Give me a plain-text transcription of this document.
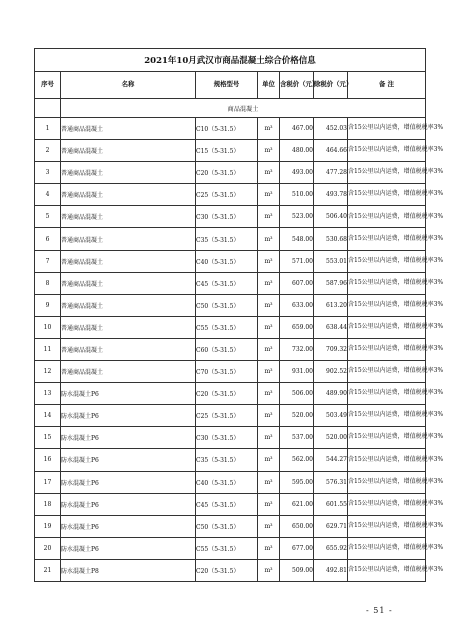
2021年10月武汉市商品混凝土综合价格信息						
序号	名称	规格型号	单位	含税价（元）	除税价（元）	备 注
	商品混凝土					
1	普通商品混凝土	C10（5-31.5）	m³	467.00	452.03	含15公里以内运费，增值税税率3%
2	普通商品混凝土	C15（5-31.5）	m³	480.00	464.66	含15公里以内运费，增值税税率3%
3	普通商品混凝土	C20（5-31.5）	m³	493.00	477.28	含15公里以内运费，增值税税率3%
4	普通商品混凝土	C25（5-31.5）	m³	510.00	493.78	含15公里以内运费，增值税税率3%
5	普通商品混凝土	C30（5-31.5）	m³	523.00	506.40	含15公里以内运费，增值税税率3%
6	普通商品混凝土	C35（5-31.5）	m³	548.00	530.68	含15公里以内运费，增值税税率3%
7	普通商品混凝土	C40（5-31.5）	m³	571.00	553.01	含15公里以内运费，增值税税率3%
8	普通商品混凝土	C45（5-31.5）	m³	607.00	587.96	含15公里以内运费，增值税税率3%
9	普通商品混凝土	C50（5-31.5）	m³	633.00	613.20	含15公里以内运费，增值税税率3%
10	普通商品混凝土	C55（5-31.5）	m³	659.00	638.44	含15公里以内运费，增值税税率3%
11	普通商品混凝土	C60（5-31.5）	m³	732.00	709.32	含15公里以内运费，增值税税率3%
12	普通商品混凝土	C70（5-31.5）	m³	931.00	902.52	含15公里以内运费，增值税税率3%
13	防水混凝土P6	C20（5-31.5）	m³	506.00	489.90	含15公里以内运费，增值税税率3%
14	防水混凝土P6	C25（5-31.5）	m³	520.00	503.49	含15公里以内运费，增值税税率3%
15	防水混凝土P6	C30（5-31.5）	m³	537.00	520.00	含15公里以内运费，增值税税率3%
16	防水混凝土P6	C35（5-31.5）	m³	562.00	544.27	含15公里以内运费，增值税税率3%
17	防水混凝土P6	C40（5-31.5）	m³	595.00	576.31	含15公里以内运费，增值税税率3%
18	防水混凝土P6	C45（5-31.5）	m³	621.00	601.55	含15公里以内运费，增值税税率3%
19	防水混凝土P6	C50（5-31.5）	m³	650.00	629.71	含15公里以内运费，增值税税率3%
20	防水混凝土P6	C55（5-31.5）	m³	677.00	655.92	含15公里以内运费，增值税税率3%
21	防水混凝土P8	C20（5-31.5）	m³	509.00	492.81	含15公里以内运费，增值税税率3%
- 51 -
